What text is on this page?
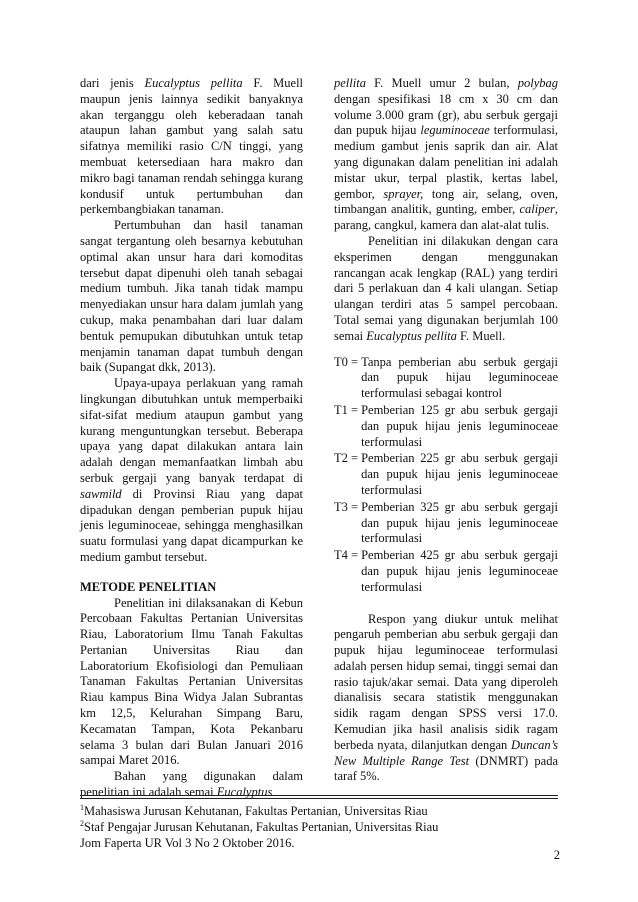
dari jenis Eucalyptus pellita F. Muell maupun jenis lainnya sedikit banyaknya akan terganggu oleh keberadaan tanah ataupun lahan gambut yang salah satu sifatnya memiliki rasio C/N tinggi, yang membuat ketersediaan hara makro dan mikro bagi tanaman rendah sehingga kurang kondusif untuk pertumbuhan dan perkembangbiakan tanaman.

Pertumbuhan dan hasil tanaman sangat tergantung oleh besarnya kebutuhan optimal akan unsur hara dari komoditas tersebut dapat dipenuhi oleh tanah sebagai medium tumbuh. Jika tanah tidak mampu menyediakan unsur hara dalam jumlah yang cukup, maka penambahan dari luar dalam bentuk pemupukan dibutuhkan untuk tetap menjamin tanaman dapat tumbuh dengan baik (Supangat dkk, 2013).

Upaya-upaya perlakuan yang ramah lingkungan dibutuhkan untuk memperbaiki sifat-sifat medium ataupun gambut yang kurang menguntungkan tersebut. Beberapa upaya yang dapat dilakukan antara lain adalah dengan memanfaatkan limbah abu serbuk gergaji yang banyak terdapat di sawmild di Provinsi Riau yang dapat dipadukan dengan pemberian pupuk hijau jenis leguminoceae, sehingga menghasilkan suatu formulasi yang dapat dicampurkan ke medium gambut tersebut.

METODE PENELITIAN

Penelitian ini dilaksanakan di Kebun Percobaan Fakultas Pertanian Universitas Riau, Laboratorium Ilmu Tanah Fakultas Pertanian Universitas Riau dan Laboratorium Ekofisiologi dan Pemuliaan Tanaman Fakultas Pertanian Universitas Riau kampus Bina Widya Jalan Subrantas km 12,5, Kelurahan Simpang Baru, Kecamatan Tampan, Kota Pekanbaru selama 3 bulan dari Bulan Januari 2016 sampai Maret 2016.

Bahan yang digunakan dalam penelitian ini adalah semai Eucalyptus

pellita F. Muell umur 2 bulan, polybag dengan spesifikasi 18 cm x 30 cm dan volume 3.000 gram (gr), abu serbuk gergaji dan pupuk hijau leguminoceae terformulasi, medium gambut jenis saprik dan air. Alat yang digunakan dalam penelitian ini adalah mistar ukur, terpal plastik, kertas label, gembor, sprayer, tong air, selang, oven, timbangan analitik, gunting, ember, caliper, parang, cangkul, kamera dan alat-alat tulis.

Penelitian ini dilakukan dengan cara eksperimen dengan menggunakan rancangan acak lengkap (RAL) yang terdiri dari 5 perlakuan dan 4 kali ulangan. Setiap ulangan terdiri atas 5 sampel percobaan. Total semai yang digunakan berjumlah 100 semai Eucalyptus pellita F. Muell.

T0 = Tanpa pemberian abu serbuk gergaji dan pupuk hijau leguminoceae terformulasi sebagai kontrol
T1 = Pemberian 125 gr abu serbuk gergaji dan pupuk hijau jenis leguminoceae terformulasi
T2 = Pemberian 225 gr abu serbuk gergaji dan pupuk hijau jenis leguminoceae terformulasi
T3 = Pemberian 325 gr abu serbuk gergaji dan pupuk hijau jenis leguminoceae terformulasi
T4 = Pemberian 425 gr abu serbuk gergaji dan pupuk hijau jenis leguminoceae terformulasi

Respon yang diukur untuk melihat pengaruh pemberian abu serbuk gergaji dan pupuk hijau leguminoceae terformulasi adalah persen hidup semai, tinggi semai dan rasio tajuk/akar semai. Data yang diperoleh dianalisis secara statistik menggunakan sidik ragam dengan SPSS versi 17.0. Kemudian jika hasil analisis sidik ragam berbeda nyata, dilanjutkan dengan Duncan’s New Multiple Range Test (DNMRT) pada taraf 5%.

$^1$Mahasiswa Jurusan Kehutanan, Fakultas Pertanian, Universitas Riau
$^2$Staf Pengajar Jurusan Kehutanan, Fakultas Pertanian, Universitas Riau
Jom Faperta UR Vol 3 No 2 Oktober 2016.
2
